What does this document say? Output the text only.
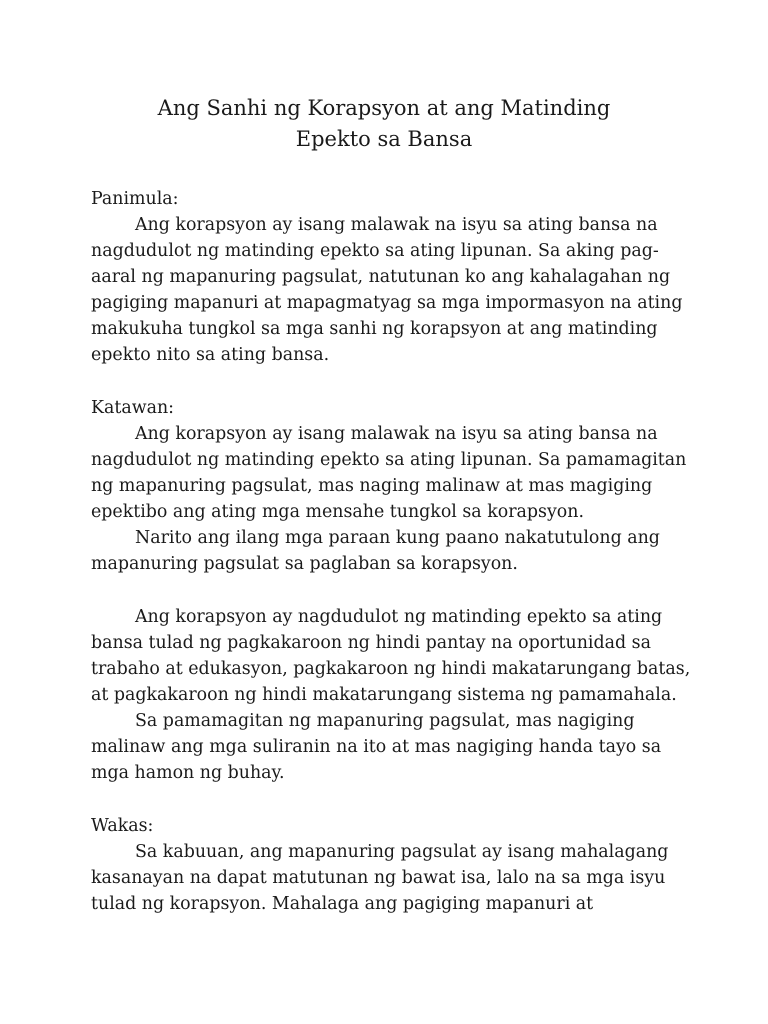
Ang Sanhi ng Korapsyon at ang Matinding
Epekto sa Bansa
Panimula:
Ang korapsyon ay isang malawak na isyu sa ating bansa na
nagdudulot ng matinding epekto sa ating lipunan. Sa aking pag-
aaral ng mapanuring pagsulat, natutunan ko ang kahalagahan ng
pagiging mapanuri at mapagmatyag sa mga impormasyon na ating
makukuha tungkol sa mga sanhi ng korapsyon at ang matinding
epekto nito sa ating bansa.
Katawan:
Ang korapsyon ay isang malawak na isyu sa ating bansa na
nagdudulot ng matinding epekto sa ating lipunan. Sa pamamagitan
ng mapanuring pagsulat, mas naging malinaw at mas magiging
epektibo ang ating mga mensahe tungkol sa korapsyon.
Narito ang ilang mga paraan kung paano nakatutulong ang
mapanuring pagsulat sa paglaban sa korapsyon.
Ang korapsyon ay nagdudulot ng matinding epekto sa ating
bansa tulad ng pagkakaroon ng hindi pantay na oportunidad sa
trabaho at edukasyon, pagkakaroon ng hindi makatarungang batas,
at pagkakaroon ng hindi makatarungang sistema ng pamamahala.
Sa pamamagitan ng mapanuring pagsulat, mas nagiging
malinaw ang mga suliranin na ito at mas nagiging handa tayo sa
mga hamon ng buhay.
Wakas:
Sa kabuuan, ang mapanuring pagsulat ay isang mahalagang
kasanayan na dapat matutunan ng bawat isa, lalo na sa mga isyu
tulad ng korapsyon. Mahalaga ang pagiging mapanuri at
